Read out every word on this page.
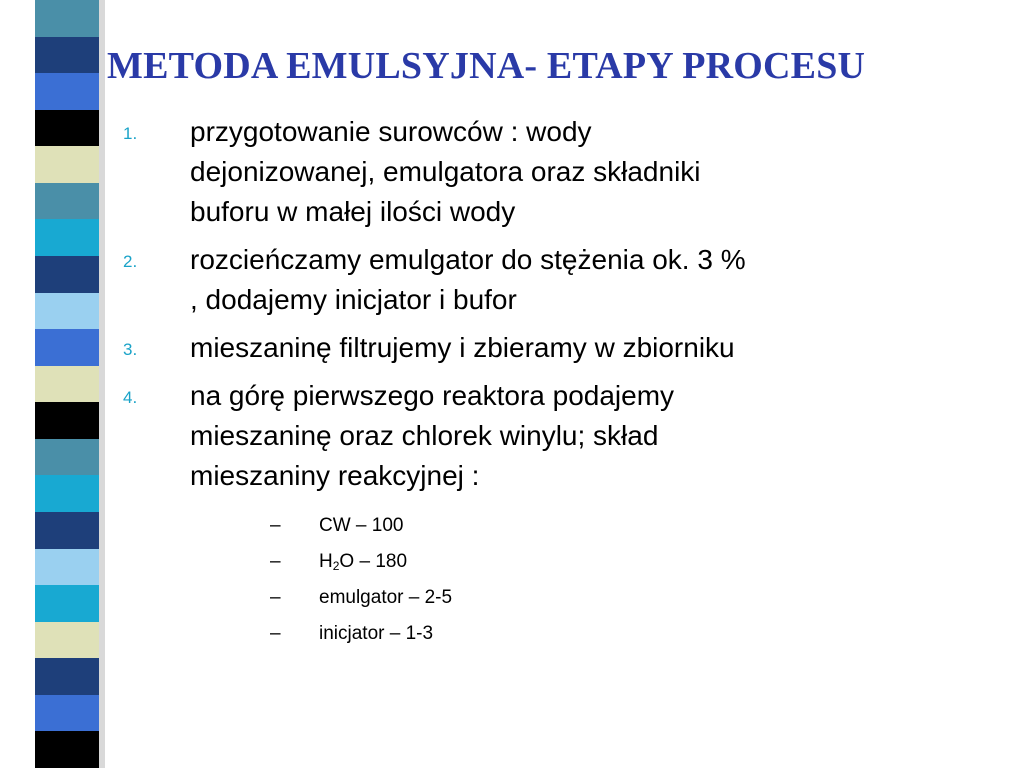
METODA EMULSYJNA- ETAPY PROCESU
1. przygotowanie surowców : wody
dejonizowanej, emulgatora oraz składniki
buforu w małej ilości wody
2. rozcieńczamy emulgator do stężenia ok. 3 %
, dodajemy inicjator i bufor
3. mieszaninę filtrujemy i zbieramy w zbiorniku
4. na górę pierwszego reaktora podajemy
mieszaninę oraz chlorek winylu; skład
mieszaniny reakcyjnej :
– CW – 100
– $H_2O - 180$
– emulgator – 2-5
– inicjator – 1-3
